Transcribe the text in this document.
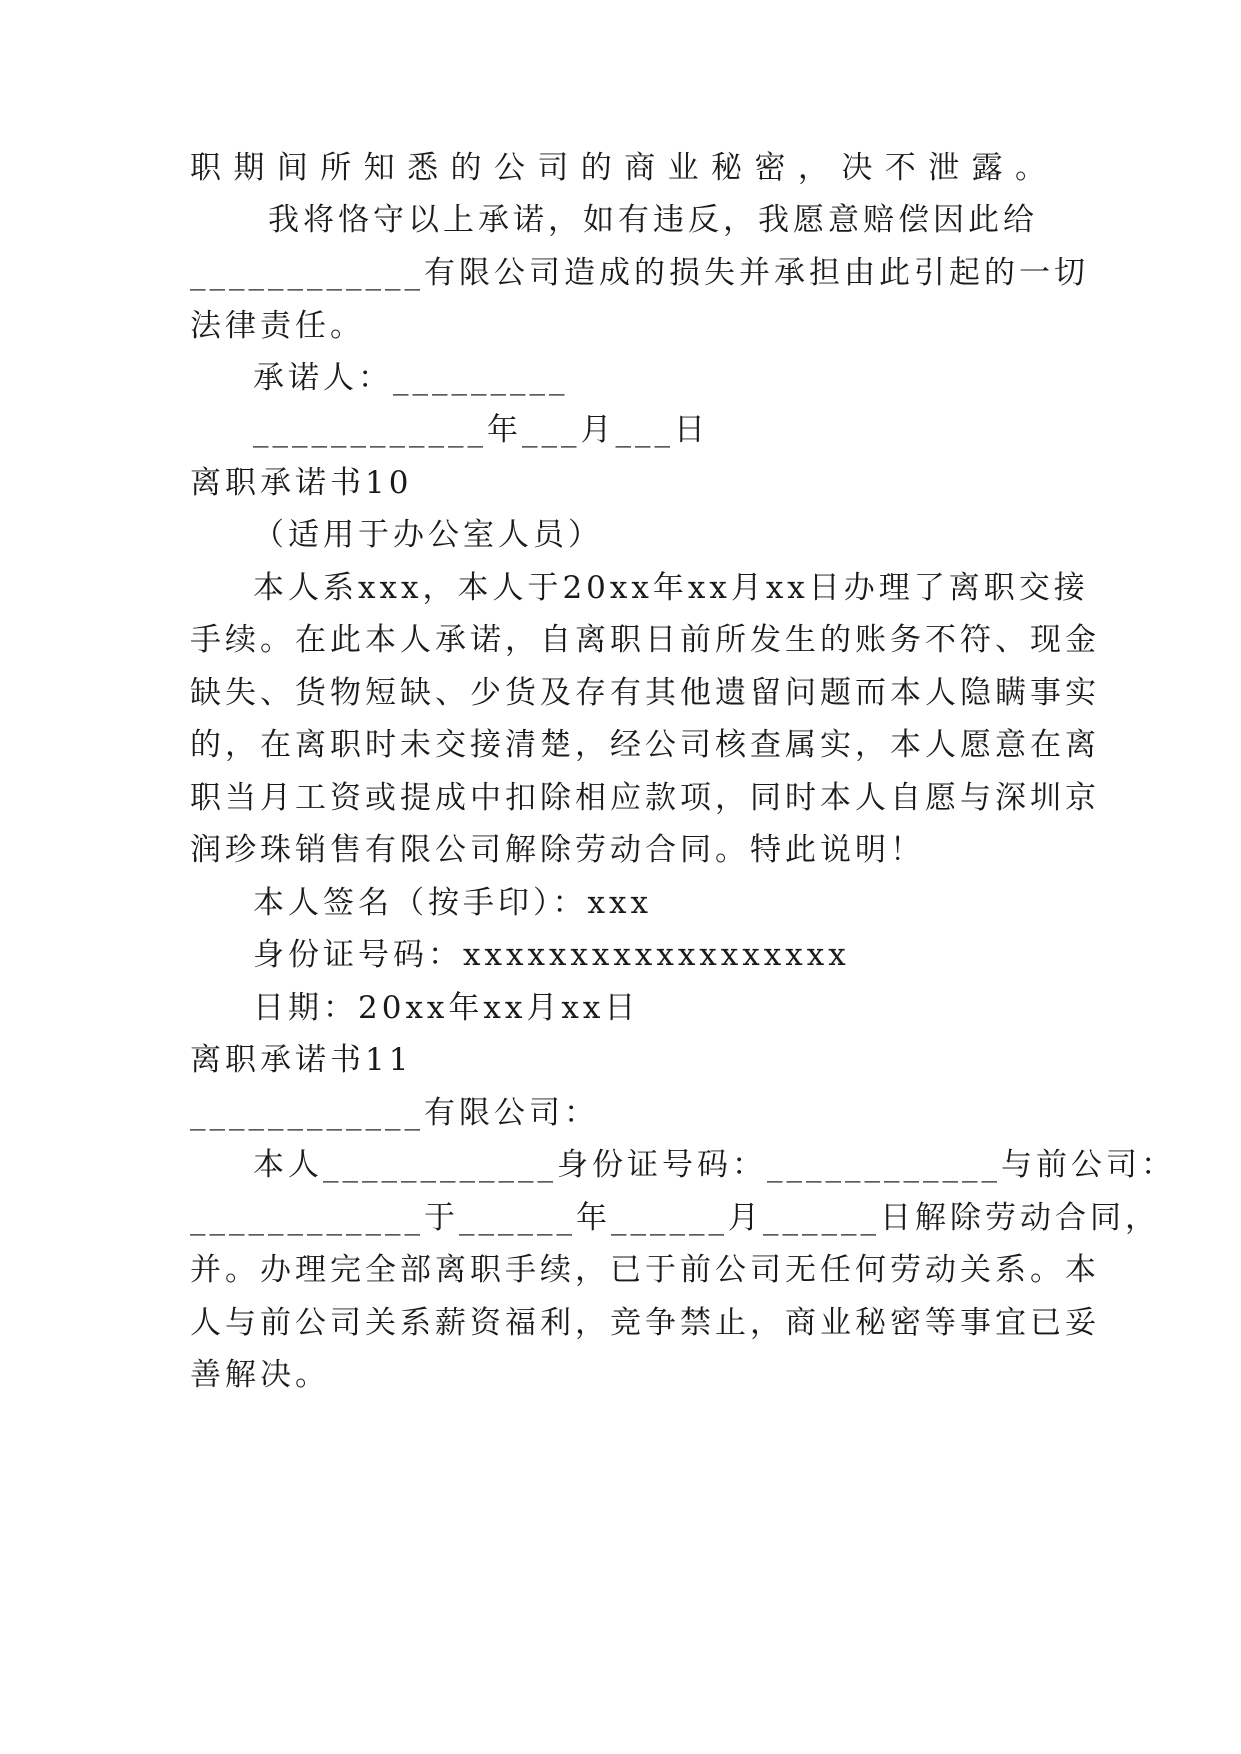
职期间所知悉的公司的商业秘密，决不泄露。
我将恪守以上承诺，如有违反，我愿意赔偿因此给
____________有限公司造成的损失并承担由此引起的一切
法律责任。
承诺人：_________
____________年___月___日
离职承诺书10
（适用于办公室人员）
本人系xxx，本人于20xx年xx月xx日办理了离职交接
手续。在此本人承诺，自离职日前所发生的账务不符、现金
缺失、货物短缺、少货及存有其他遗留问题而本人隐瞒事实
的，在离职时未交接清楚，经公司核查属实，本人愿意在离
职当月工资或提成中扣除相应款项，同时本人自愿与深圳京
润珍珠销售有限公司解除劳动合同。特此说明！
本人签名（按手印）：xxx
身份证号码：xxxxxxxxxxxxxxxxxx
日期：20xx年xx月xx日
离职承诺书11
____________有限公司：
本人____________身份证号码：____________与前公司：
____________于______年______月______日解除劳动合同，
并。办理完全部离职手续，已于前公司无任何劳动关系。本
人与前公司关系薪资福利，竞争禁止，商业秘密等事宜已妥
善解决。
